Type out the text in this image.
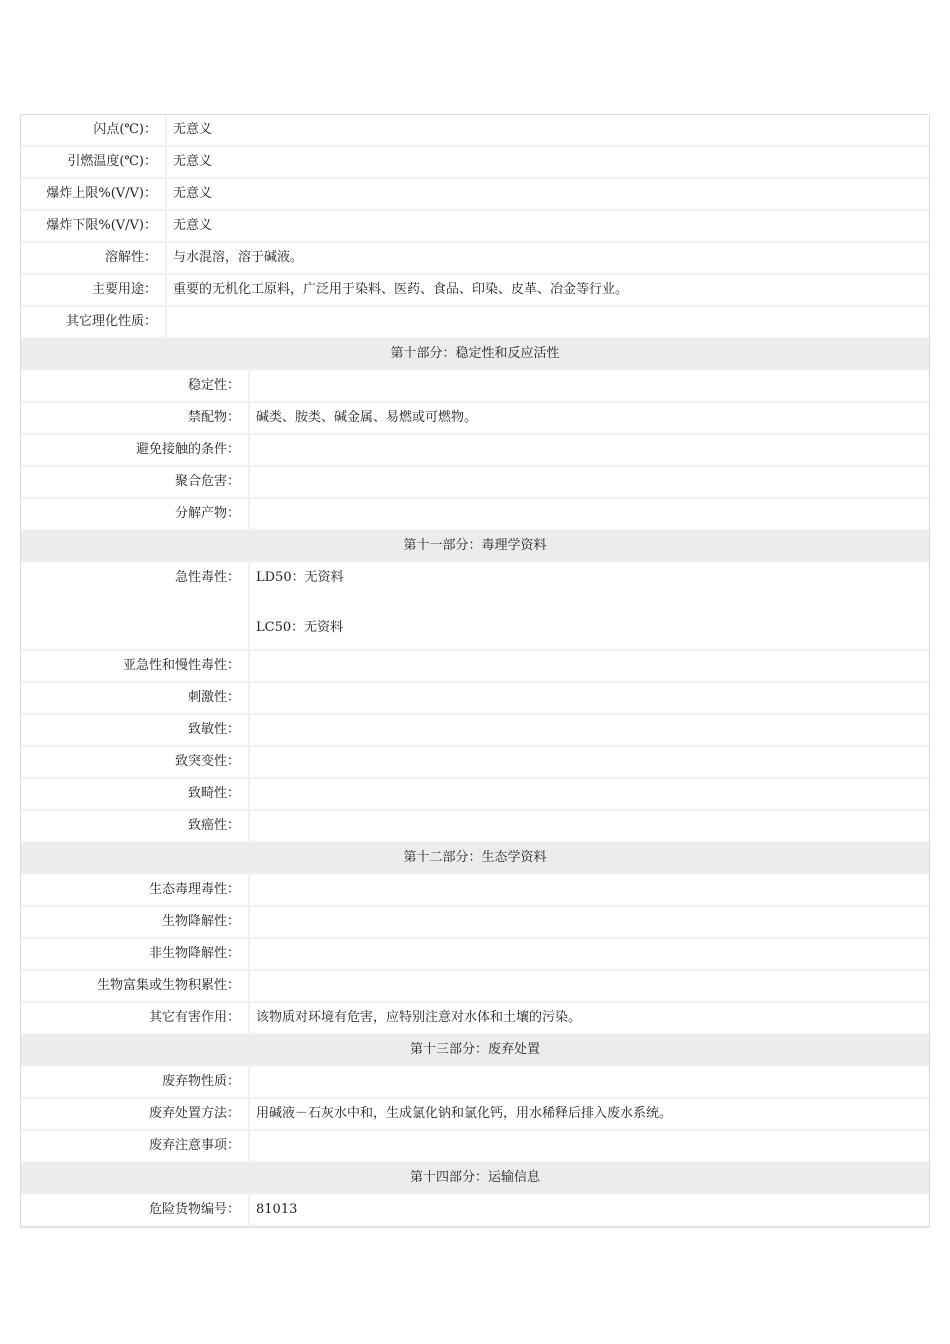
闪点(℃)：	无意义
引燃温度(℃)：	无意义
爆炸上限%(V/V)：	无意义
爆炸下限%(V/V)：	无意义
溶解性：	与水混溶，溶于碱液。
主要用途：	重要的无机化工原料，广泛用于染料、医药、食品、印染、皮革、冶金等行业。
其它理化性质：	
第十部分：稳定性和反应活性	
稳定性：	
禁配物：	碱类、胺类、碱金属、易燃或可燃物。
避免接触的条件：	
聚合危害：	
分解产物：	
第十一部分：毒理学资料	
急性毒性：	LD50：无资料
LC50：无资料
亚急性和慢性毒性：	
刺激性：	
致敏性：	
致突变性：	
致畸性：	
致癌性：	
第十二部分：生态学资料	
生态毒理毒性：	
生物降解性：	
非生物降解性：	
生物富集或生物积累性：	
其它有害作用：	该物质对环境有危害，应特别注意对水体和土壤的污染。
第十三部分：废弃处置	
废弃物性质：	
废弃处置方法：	用碱液－石灰水中和，生成氯化钠和氯化钙，用水稀释后排入废水系统。
废弃注意事项：	
第十四部分：运输信息	
危险货物编号：	81013
